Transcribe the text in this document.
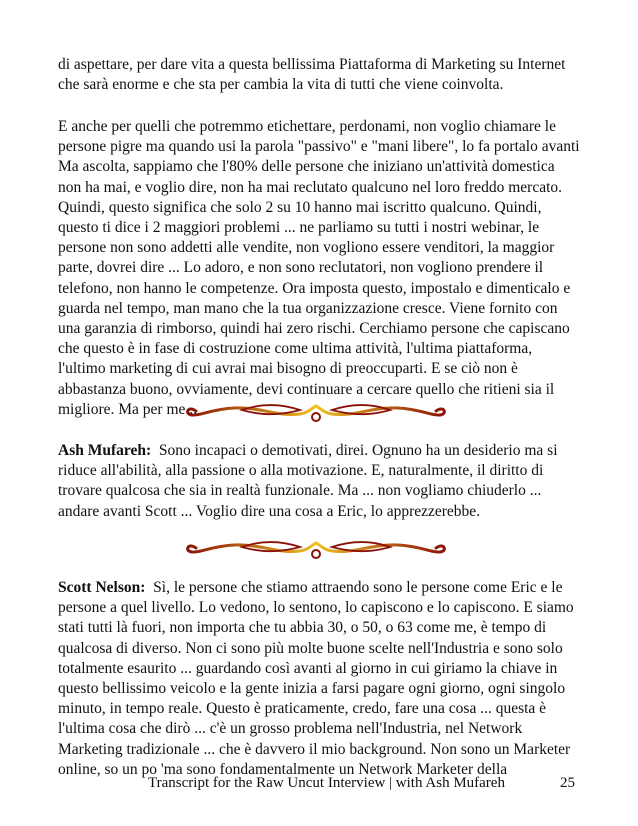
di aspettare, per dare vita a questa bellissima Piattaforma di Marketing su Internet che sarà enorme e che sta per cambia la vita di tutti che viene coinvolta.

E anche per quelli che potremmo etichettare, perdonami, non voglio chiamare le persone pigre ma quando usi la parola "passivo" e "mani libere", lo fa portalo avanti Ma ascolta, sappiamo che l'80% delle persone che iniziano un'attività domestica non ha mai, e voglio dire, non ha mai reclutato qualcuno nel loro freddo mercato. Quindi, questo significa che solo 2 su 10 hanno mai iscritto qualcuno. Quindi, questo ti dice i 2 maggiori problemi ... ne parliamo su tutti i nostri webinar, le persone non sono addetti alle vendite, non vogliono essere venditori, la maggior parte, dovrei dire ... Lo adoro, e non sono reclutatori, non vogliono prendere il telefono, non hanno le competenze. Ora imposta questo, impostalo e dimenticalo e guarda nel tempo, man mano che la tua organizzazione cresce. Viene fornito con una garanzia di rimborso, quindi hai zero rischi. Cerchiamo persone che capiscano che questo è in fase di costruzione come ultima attività, l'ultima piattaforma, l'ultimo marketing di cui avrai mai bisogno di preoccuparti. E se ciò non è abbastanza buono, ovviamente, devi continuare a cercare quello che ritieni sia il migliore. Ma per me...

Ash Mufareh: Sono incapaci o demotivati, direi. Ognuno ha un desiderio ma si riduce all'abilità, alla passione o alla motivazione. E, naturalmente, il diritto di trovare qualcosa che sia in realtà funzionale. Ma ... non vogliamo chiuderlo ... andare avanti Scott ... Voglio dire una cosa a Eric, lo apprezzerebbe.

Scott Nelson: Sì, le persone che stiamo attraendo sono le persone come Eric e le persone a quel livello. Lo vedono, lo sentono, lo capiscono e lo capiscono. E siamo stati tutti là fuori, non importa che tu abbia 30, o 50, o 63 come me, è tempo di qualcosa di diverso. Non ci sono più molte buone scelte nell'Industria e sono solo totalmente esaurito ... guardando così avanti al giorno in cui giriamo la chiave in questo bellissimo veicolo e la gente inizia a farsi pagare ogni giorno, ogni singolo minuto, in tempo reale. Questo è praticamente, credo, fare una cosa ... questa è l'ultima cosa che dirò ... c'è un grosso problema nell'Industria, nel Network Marketing tradizionale ... che è davvero il mio background. Non sono un Marketer online, so un po 'ma sono fondamentalmente un Network Marketer della

Transcript for the Raw Uncut Interview | with Ash Mufareh	25
